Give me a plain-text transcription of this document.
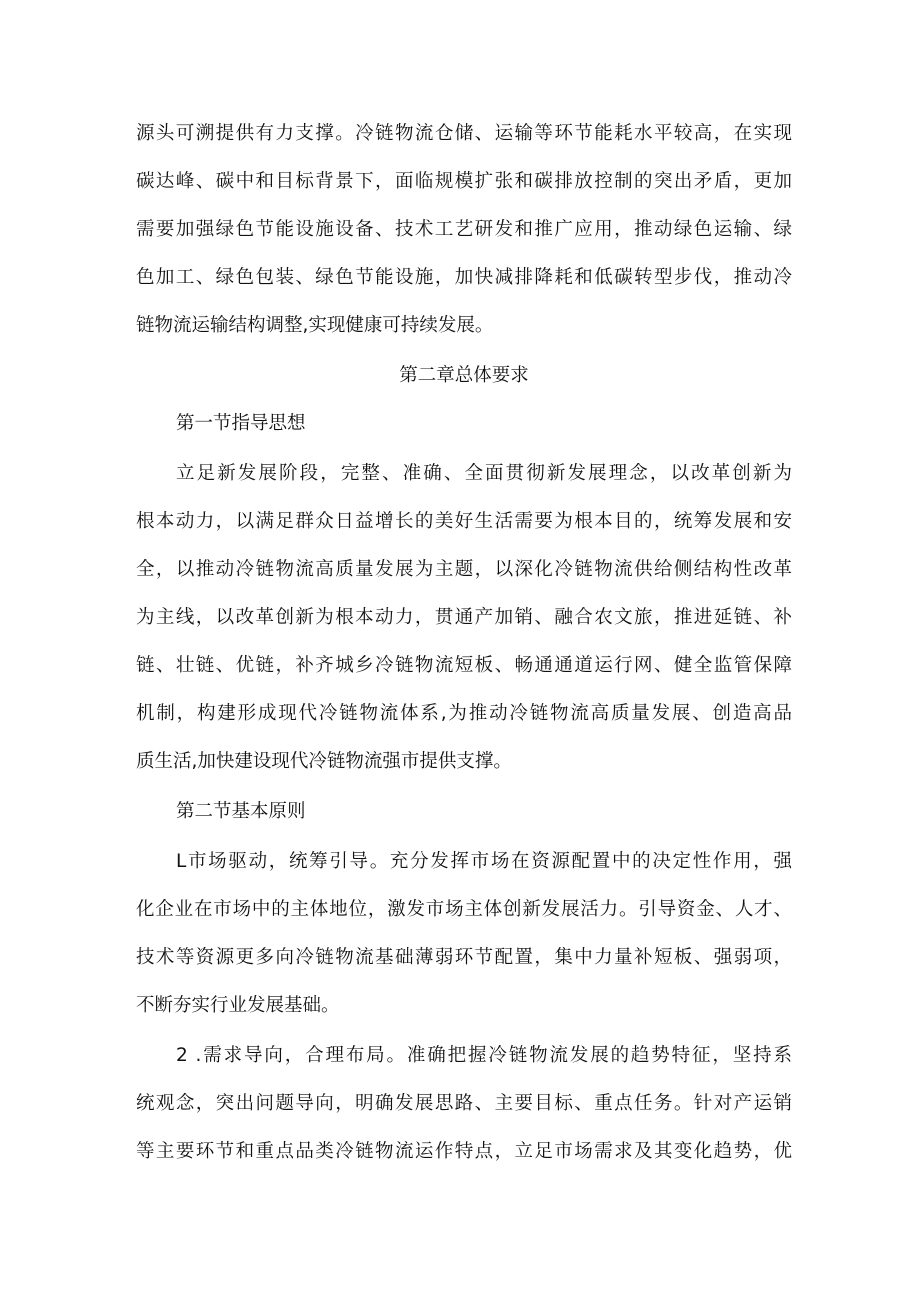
源头可溯提供有力支撑。冷链物流仓储、运输等环节能耗水平较高，在实现
碳达峰、碳中和目标背景下，面临规模扩张和碳排放控制的突出矛盾，更加
需要加强绿色节能设施设备、技术工艺研发和推广应用，推动绿色运输、绿
色加工、绿色包装、绿色节能设施，加快减排降耗和低碳转型步伐，推动冷
链物流运输结构调整,实现健康可持续发展。
第二章总体要求
第一节指导思想
立足新发展阶段，完整、准确、全面贯彻新发展理念，以改革创新为
根本动力，以满足群众日益增长的美好生活需要为根本目的，统筹发展和安
全，以推动冷链物流高质量发展为主题，以深化冷链物流供给侧结构性改革
为主线，以改革创新为根本动力，贯通产加销、融合农文旅，推进延链、补
链、壮链、优链，补齐城乡冷链物流短板、畅通通道运行网、健全监管保障
机制，构建形成现代冷链物流体系,为推动冷链物流高质量发展、创造高品
质生活,加快建设现代冷链物流强市提供支撑。
第二节基本原则
L市场驱动，统筹引导。充分发挥市场在资源配置中的决定性作用，强
化企业在市场中的主体地位，激发市场主体创新发展活力。引导资金、人才、
技术等资源更多向冷链物流基础薄弱环节配置，集中力量补短板、强弱项，
不断夯实行业发展基础。
2 .需求导向，合理布局。准确把握冷链物流发展的趋势特征，坚持系
统观念，突出问题导向，明确发展思路、主要目标、重点任务。针对产运销
等主要环节和重点品类冷链物流运作特点，立足市场需求及其变化趋势，优
